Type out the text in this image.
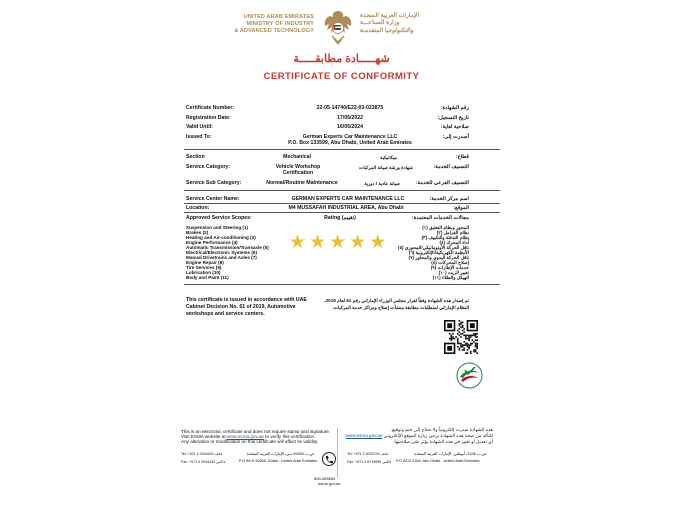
UNITED ARAB EMIRATES
MINISTRY OF INDUSTRY
& ADVANCED TECHNOLOGY
الإمارات العربية المتحدة
وزارة الصناعـــة
والتكنولوجيا المتقدمـة
شهـــــادة مطابقـــــة
CERTIFICATE OF CONFORMITY
Certificate Number:	22-05-14740/E22-03-023875	رقم الشهادة:
Registration Date:	17/05/2022	تاريخ التسجيل:
Valid Until:	16/05/2024	صلاحية لغاية:
Issued To:	German Experts Car Maintenance LLC
P.O. Box 133599, Abu Dhabi, United Arab Emirates
أصدرت إلى:
Section	Mechanical	ميكانيكية	قطاع:
Service Category:	Vehicle Workshop
Certification
شهادة ورشة صيانة المركبات	التصنيف الخدمة:
Service Sub Category:	Normal/Routine Maintenance	صيانة عادية / دورية	التصنيف الفرعي للخدمة:
Service Center Name:	GERMAN EXPERTS CAR MAINTENANCE LLC	اسم مركز الخدمة:
Location:	M4 MUSSAFAH INDUSTRIAL AREA, Abu Dhabi	الموقع:
Approved Service Scopes:	Rating (تقييم)	مجالات الخدمات المعتمدة:
Suspension and Steering (1)
Brakes (2)
Heating and Air-conditioning (3)
Engine Performance (4)
Automatic Transmission/Transaxle (5)
Electrical/Electronic Systems (6)
Manual Drivetrains and Axles (7)
Engine Repair (8)
Tire Services (9)
Lubrication (10)
Body and Paint (11)
★ ★ ★ ★ ★
المحور ونظام التعليق (١)
نظام الفرامل (٢)
نظام التدفئة والتكييف (٣)
أداء المحرك (٤)
ناقل الحركة الأوتوماتيكي/المحوري (٥)
الأنظمة الكهربائية/الإلكترونية (٦)
ناقل الحركة اليدوي والمحاور (٧)
إصلاح المحركات (٨)
خدمات الإطارات (٩)
تغيير الزيت (١٠)
الهيكل والطلاء (١١)
This certificate is issued in accordance with UAE
Cabinet Decision No. 61 of 2019, Automotive
workshops and service centers.
تم إصدار هذه الشهادة وفقاً لقرار مجلس الوزراء الإماراتي رقم 61 لعام 2019،
النظام الإماراتي لمتطلبات مطابقة منشآت إصلاح ومراكز خدمة المركبات.
This is an electronic certificate and does not require stamp and signature.
Visit ESMA website at www.esma.gov.ae to verify this certification.
Any alteration or modification on this certificate will affect its validity.
هذه الشهادة صدرت إلكترونياً ولا تحتاج إلى ختم وتوقيع.
للتأكد من صحة هذه الشهادة يرجى زيارة الموقع الإلكتروني www.esma.gov.ae
أي تعديل أو تغيير في هذه الشهادة يؤثر على صلاحيتها.
Tel: +971 4 2944420 هاتف
Fax: +971 4 2944434 فاكس
ص.ب 40666 دبي، الإمارات العربية المتحدة
P.O BOX 40666, Dubai - United Arab Emirates
Tel: +971 2 4032700 هاتف
Fax: +971 2 6719999 فاكس
ص.ب 2166، أبوظبي، الإمارات العربية المتحدة
P.O BOX 2166, Abu Dhabi - United Arab Emirates
600-565554
esma.gov.ae
